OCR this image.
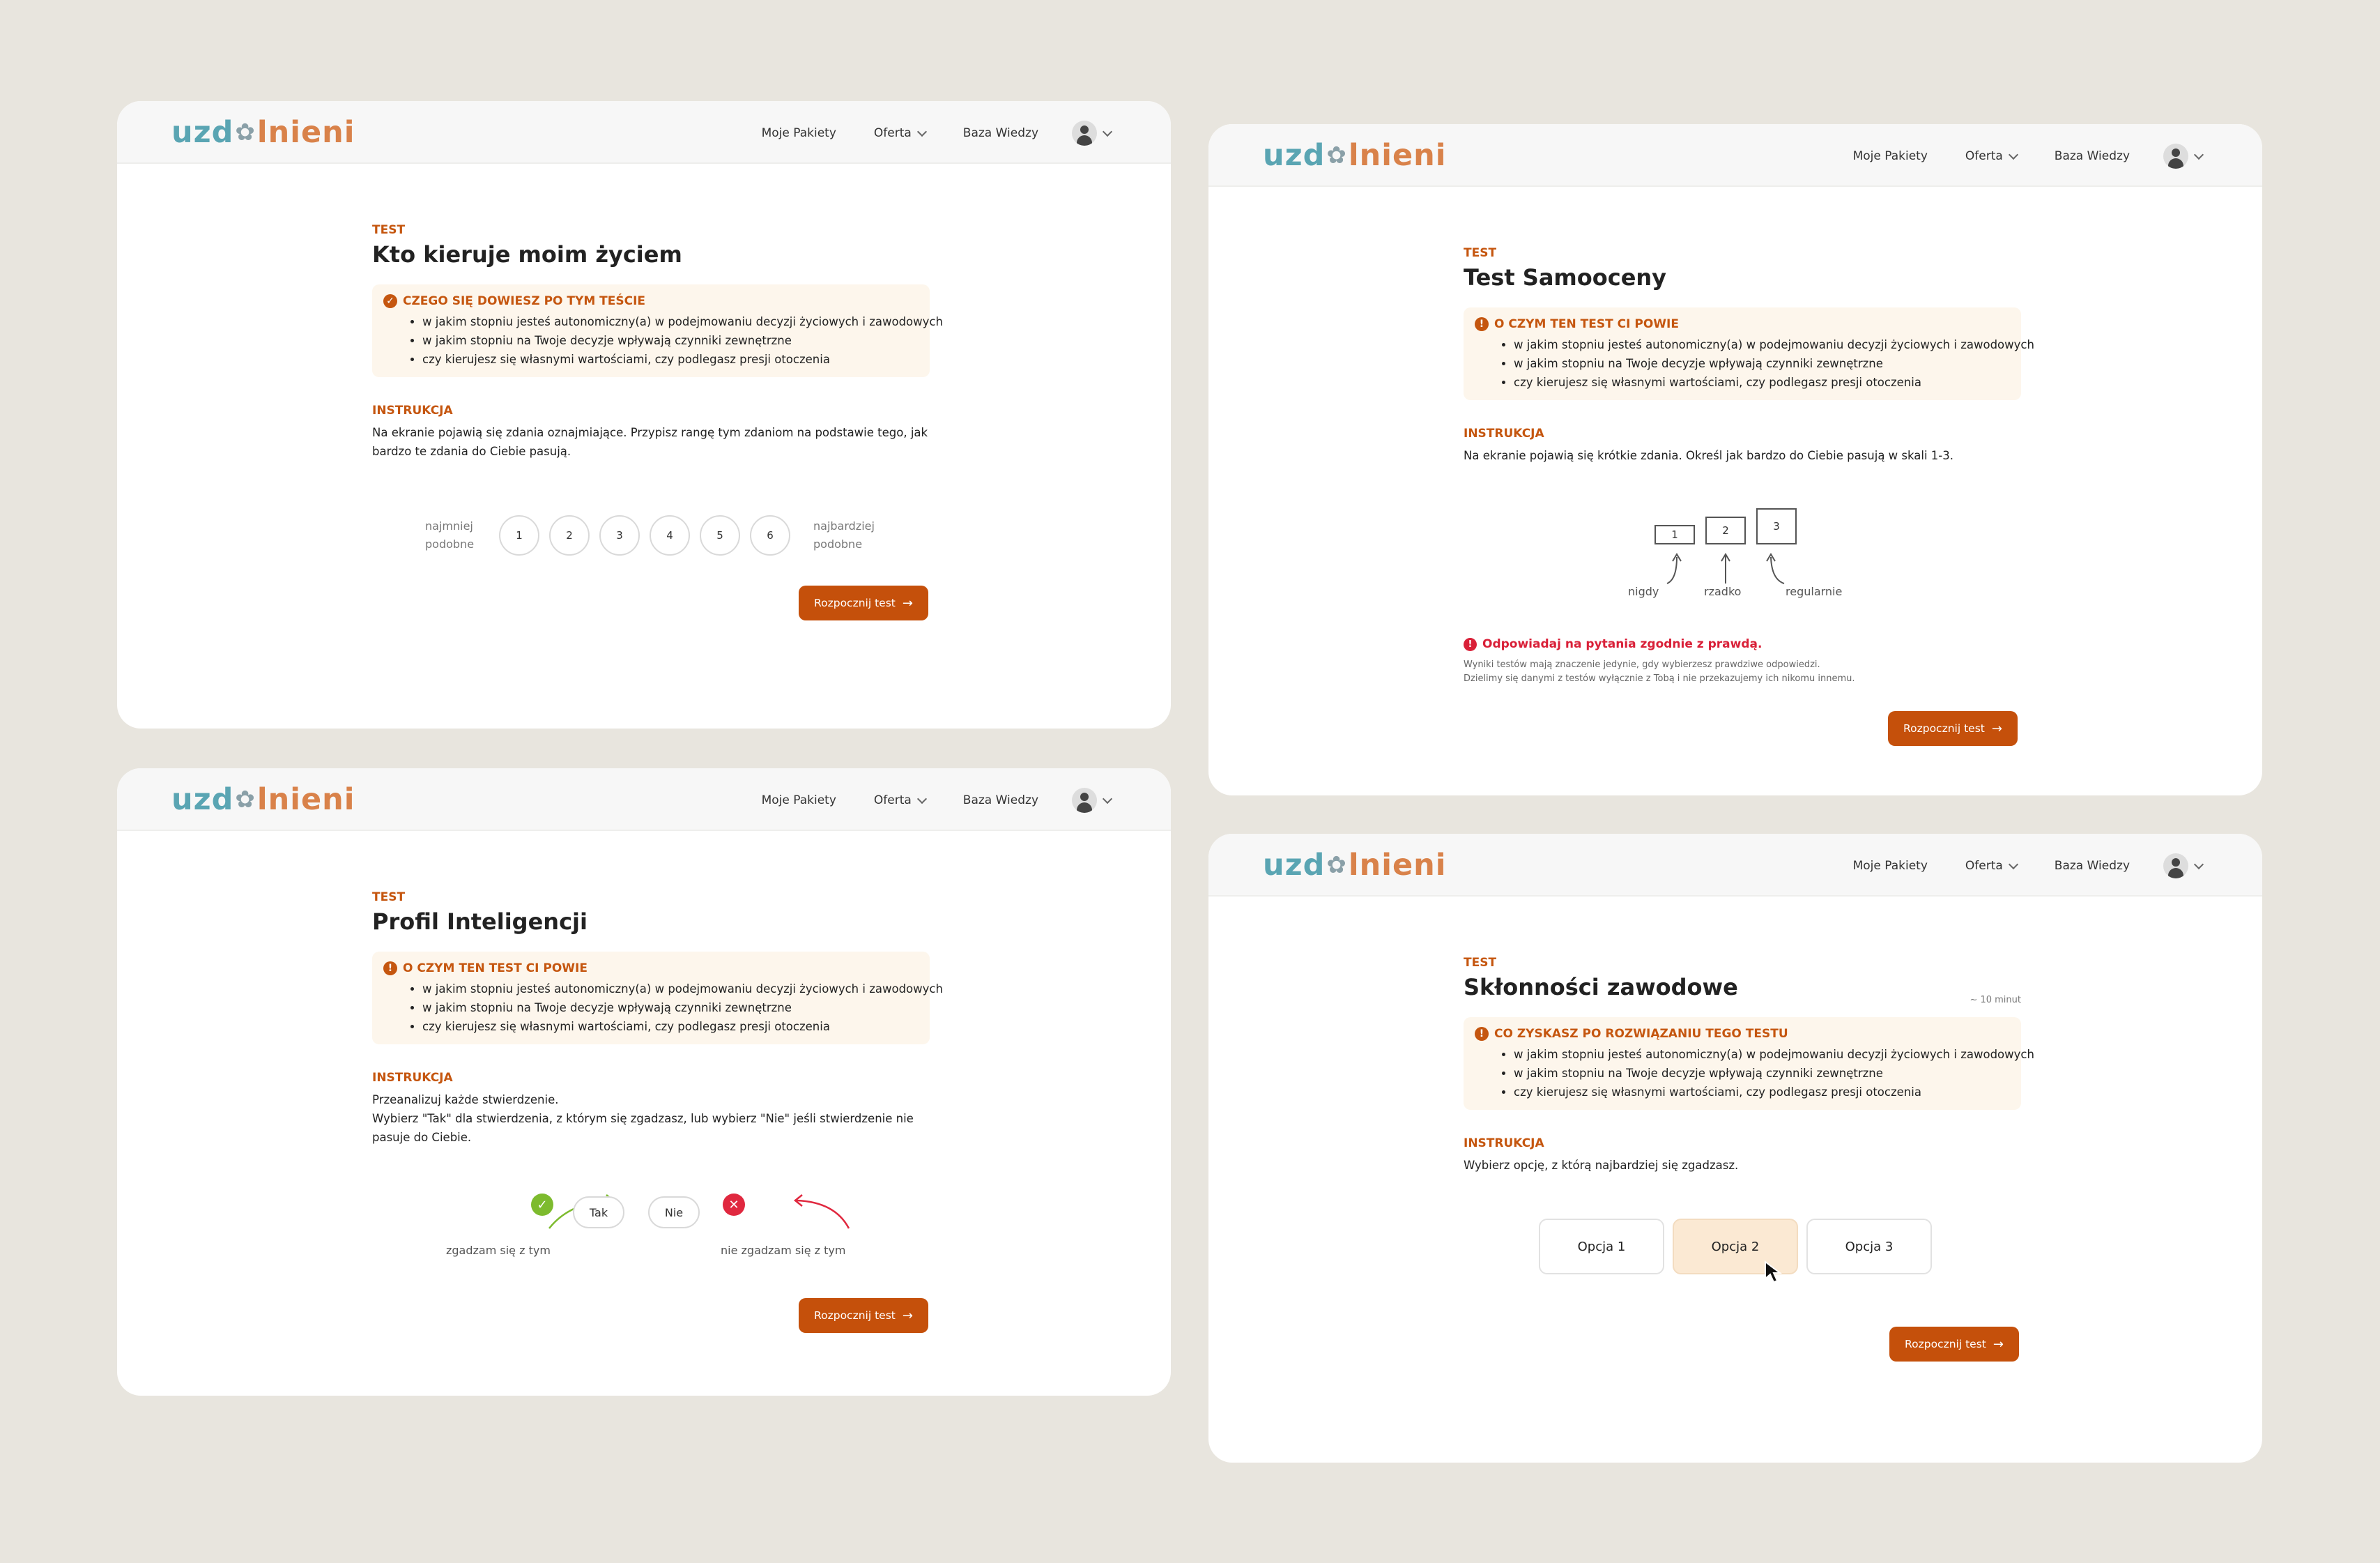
uzd✿lnieni	Moje Pakiety	Oferta	Baza Wiedzy
TEST
Kto kieruje moim życiem
✓ CZEGO SIĘ DOWIESZ PO TYM TEŚCIE
• w jakim stopniu jesteś autonomiczny(a) w podejmowaniu decyzji życiowych i zawodowych
• w jakim stopniu na Twoje decyzje wpływają czynniki zewnętrzne
• czy kierujesz się własnymi wartościami, czy podlegasz presji otoczenia
INSTRUKCJA
Na ekranie pojawią się zdania oznajmiające. Przypisz rangę tym zdaniom na podstawie tego, jak bardzo te zdania do Ciebie pasują.
najmniej podobne
1	2	3	4	5	6
najbardziej podobne
Rozpocznij test →
uzd✿lnieni	Moje Pakiety	Oferta	Baza Wiedzy
TEST
Test Samooceny
! O CZYM TEN TEST CI POWIE
• w jakim stopniu jesteś autonomiczny(a) w podejmowaniu decyzji życiowych i zawodowych
• w jakim stopniu na Twoje decyzje wpływają czynniki zewnętrzne
• czy kierujesz się własnymi wartościami, czy podlegasz presji otoczenia
INSTRUKCJA
Na ekranie pojawią się krótkie zdania. Określ jak bardzo do Ciebie pasują w skali 1-3.
1	2	3
nigdy	rzadko	regularnie
! Odpowiadaj na pytania zgodnie z prawdą.
Wyniki testów mają znaczenie jedynie, gdy wybierzesz prawdziwe odpowiedzi.
Dzielimy się danymi z testów wyłącznie z Tobą i nie przekazujemy ich nikomu innemu.
Rozpocznij test →
uzd✿lnieni	Moje Pakiety	Oferta	Baza Wiedzy
TEST
Profil Inteligencji
! O CZYM TEN TEST CI POWIE
• w jakim stopniu jesteś autonomiczny(a) w podejmowaniu decyzji życiowych i zawodowych
• w jakim stopniu na Twoje decyzje wpływają czynniki zewnętrzne
• czy kierujesz się własnymi wartościami, czy podlegasz presji otoczenia
INSTRUKCJA
Przeanalizuj każde stwierdzenie.
Wybierz "Tak" dla stwierdzenia, z którym się zgadzasz, lub wybierz "Nie" jeśli stwierdzenie nie pasuje do Ciebie.
✓
Tak	Nie
✕
zgadzam się z tym	nie zgadzam się z tym
Rozpocznij test →
uzd✿lnieni	Moje Pakiety	Oferta	Baza Wiedzy
TEST
Skłonności zawodowe	~ 10 minut
! CO ZYSKASZ PO ROZWIĄZANIU TEGO TESTU
• w jakim stopniu jesteś autonomiczny(a) w podejmowaniu decyzji życiowych i zawodowych
• w jakim stopniu na Twoje decyzje wpływają czynniki zewnętrzne
• czy kierujesz się własnymi wartościami, czy podlegasz presji otoczenia
INSTRUKCJA
Wybierz opcję, z którą najbardziej się zgadzasz.
Opcja 1	Opcja 2	Opcja 3
Rozpocznij test →
